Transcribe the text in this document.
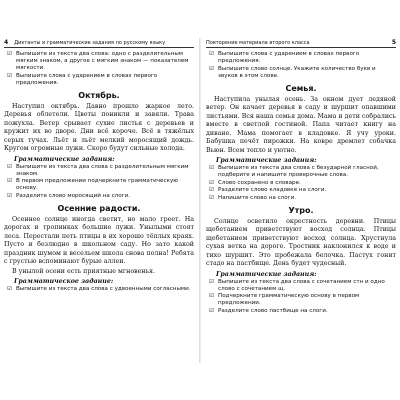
4 Диктанты и грамматические задания по русскому языку
☑ Выпишите из текста два слова: одно с разделительным мягким знаком, а другое с мягким знаком — показателем мягкости.
☑ Выпишите слова с ударением в словах первого предложения.
Октябрь.

Наступил октябрь. Давно прошло жаркое лето. Деревья облетели. Цветы поникли и завяли. Трава пожухла. Ветер срывает сухие листья с деревьев и кружит их во дворе. Дни всё короче. Всё в тяжёлых серых тучах. Льёт и льёт мелкий моросящий дождь. Кругом огромные лужи. Скоро будут сильные холода.

Грамматические задания:
☑ Выпишите из текста два слова с разделительным мягким знаком.
☑ В первом предложении подчеркните грамматическую основу.
☑ Разделите слово моросящий на слоги.
Осенние радости.

Осеннее солнце иногда светит, но мало греет. На дорогах и тропинках большие лужи. Унылыми стоят леса. Перестали петь птицы в их хорошо тёплых краях. Пусто и безлюдно в школьном саду. Но зато какой праздник шумом и весельем школа снова полна! Ребята с грустью вспоминают бурые аллеи.

В унылой осени есть приятные мгновенья.

Грамматическое задание:
☑ Выпишите из текста два слова с удвоенными согласными.
Повторение материала второго класса	5
☑ Выпишите слова с ударением в словах первого предложения.
☑ Выпишите слово солнце. Укажите количество букв и звуков в этом слове.
Семья.

Наступила унылая осень. За окном дует ледяной ветер. Он качает деревья в саду и шуршит опавшими листьями. Вся наша семья дома. Мама и дети собрались вместе в светлой гостиной. Папа читает книгу на диване. Мама помогает в кладовке. Я учу уроки. Бабушка печёт пирожки. На ковре дремлет собачка Вьюн. Всем тепло и уютно.

Грамматические задания:
☑ Выпишите из текста два слова с безударной гласной, подберите и напишите проверочные слова.
☑ Слово сохранено в словаре.
☑ Разделите слово кладовке на слоги.
☑ Напишите слово на слоги.
Утро.

Солнце осветило окрестность деревни. Птицы щебетанием приветствуют восход солнца. Птицы щебетанием приветствуют восход солнца. Хрустнула сухая ветка на дороге. Тростник наклонился к воде и тихо шуршит. Это пробежала белочка. Пастух гонит стадо на пастбище. День будет чудесный.

Грамматические задания:
☑ Выпишите из текста два слова с сочетанием стн и одно слово с сочетанием щ.
☑ Подчеркните грамматическую основу в первом предложении.
☑ Разделите слово пастбище на слоги.
